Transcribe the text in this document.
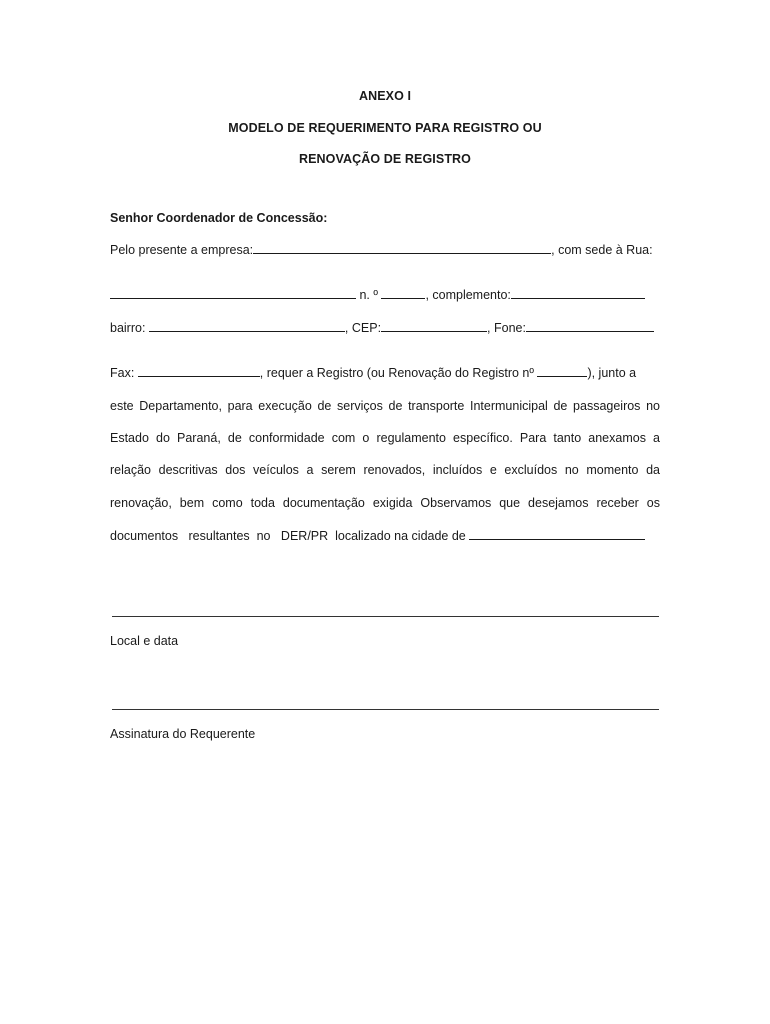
ANEXO I
MODELO DE REQUERIMENTO PARA REGISTRO OU
RENOVAÇÃO DE REGISTRO
Senhor Coordenador de Concessão:
Pelo presente a empresa:	, com sede à Rua:
n. º	, complemento:
bairro:	, CEP:	, Fone:
Fax:	, requer a Registro (ou Renovação do Registro nº	), junto a
este Departamento, para execução de serviços de transporte Intermunicipal de passageiros no
Estado do Paraná, de conformidade com o regulamento específico. Para tanto anexamos a
relação descritivas dos veículos a serem renovados, incluídos e excluídos no momento da
renovação, bem como toda documentação exigida Observamos que desejamos receber os
documentos   resultantes  no   DER/PR  localizado na cidade de
Local e data
Assinatura do Requerente
